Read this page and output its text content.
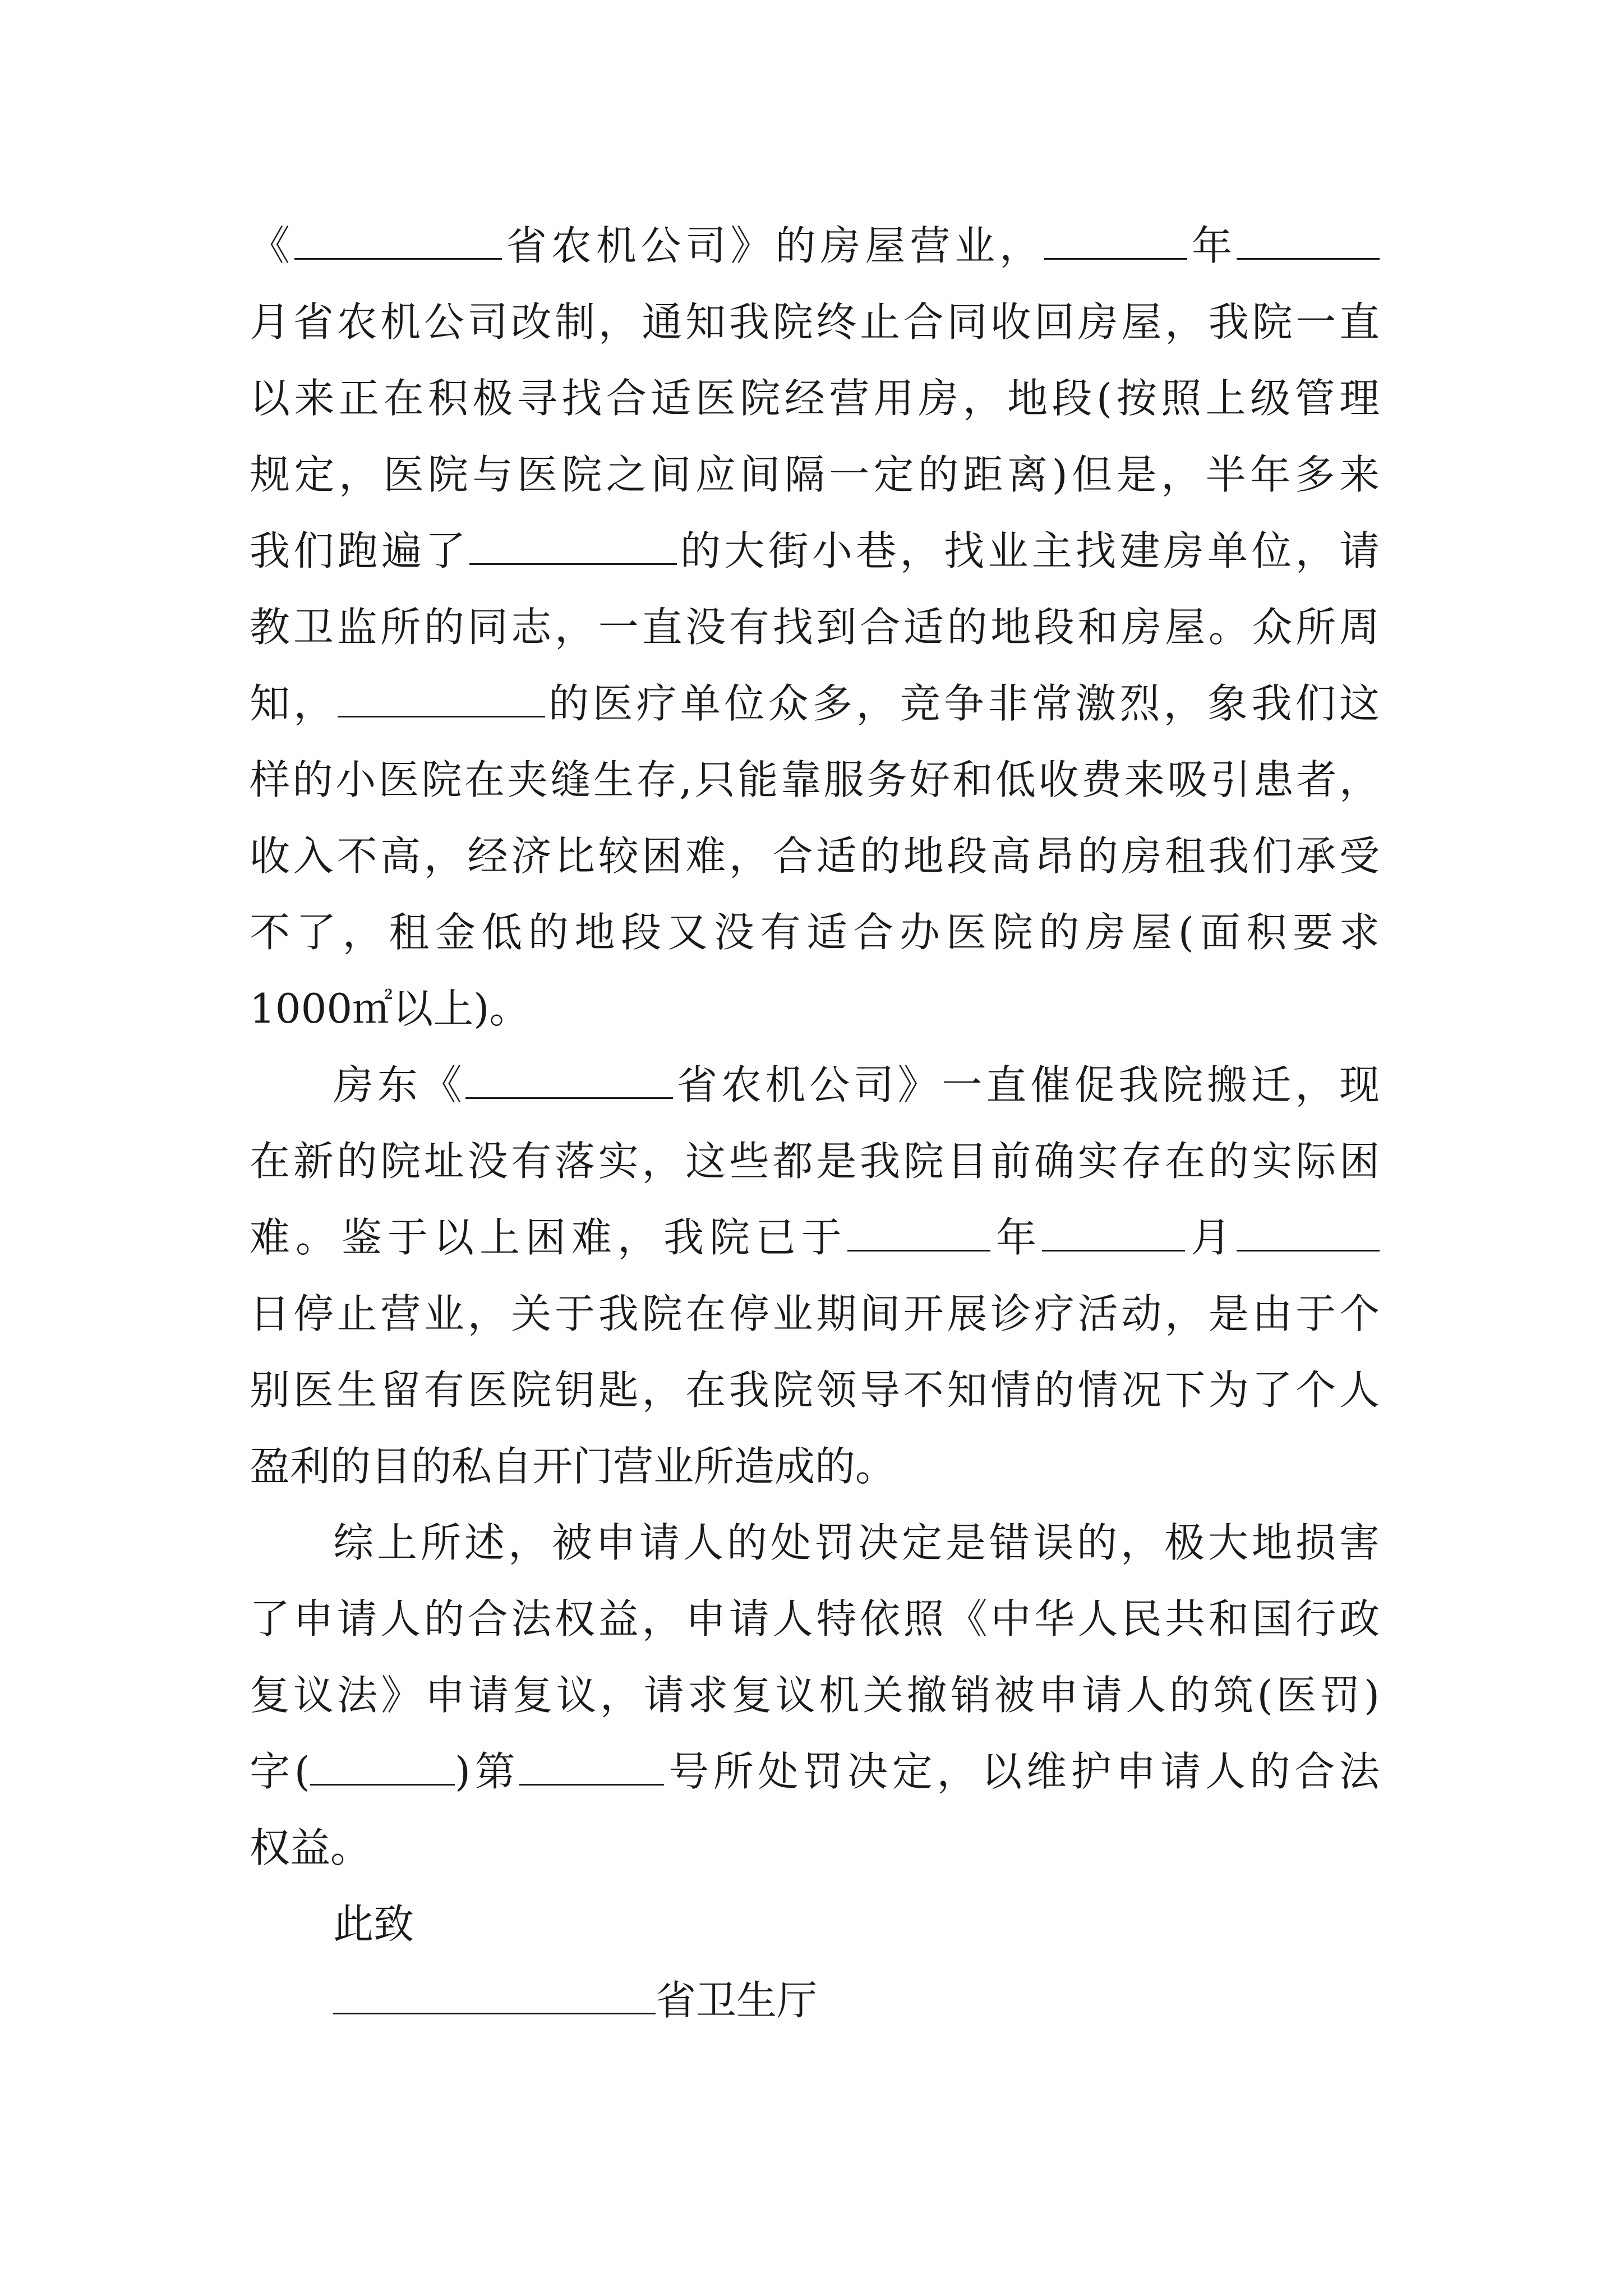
《	省农机公司》的房屋营业，	年
月省农机公司改制，通知我院终止合同收回房屋，我院一直
以来正在积极寻找合适医院经营用房，地段(按照上级管理
规定，医院与医院之间应间隔一定的距离)但是，半年多来
我们跑遍了	的大街小巷，找业主找建房单位，请
教卫监所的同志，一直没有找到合适的地段和房屋。众所周
知，	的医疗单位众多，竞争非常激烈，象我们这
样的小医院在夹缝生存,只能靠服务好和低收费来吸引患者，
收入不高，经济比较困难，合适的地段高昂的房租我们承受
不了，租金低的地段又没有适合办医院的房屋(面积要求
1000㎡以上)。
房东《	省农机公司》一直催促我院搬迁，现
在新的院址没有落实，这些都是我院目前确实存在的实际困
难。鉴于以上困难，我院已于	年	月
日停止营业，关于我院在停业期间开展诊疗活动，是由于个
别医生留有医院钥匙，在我院领导不知情的情况下为了个人
盈利的目的私自开门营业所造成的。
综上所述，被申请人的处罚决定是错误的，极大地损害
了申请人的合法权益，申请人特依照《中华人民共和国行政
复议法》申请复议，请求复议机关撤销被申请人的筑(医罚)
字(	)第	号所处罚决定，以维护申请人的合法
权益。
此致
省卫生厅
